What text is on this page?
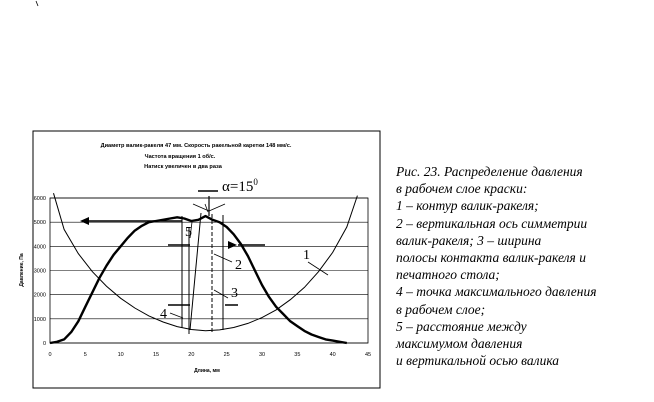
Диаметр валик-ракеля 47 мм. Скорость ракельной каретки 148 мм/с.
Частота вращения 1 об/с.
Натиск увеличен в два раза
0	5	10	15	20	25	30	35	40	45
0
1000
2000
3000
4000
5000
6000
Длина, мм
Давление, Па
$\alpha=15^0$
1
2
3
4
5
Рис. 23. Распределение давления
в рабочем слое краски:
1 – контур валик-ракеля;
2 – вертикальная ось симметрии
валик-ракеля; 3 – ширина
полосы контакта валик-ракеля и
печатного стола;
4 – точка максимального давления
в рабочем слое;
5 – расстояние между
максимумом давления
и вертикальной осью валика
